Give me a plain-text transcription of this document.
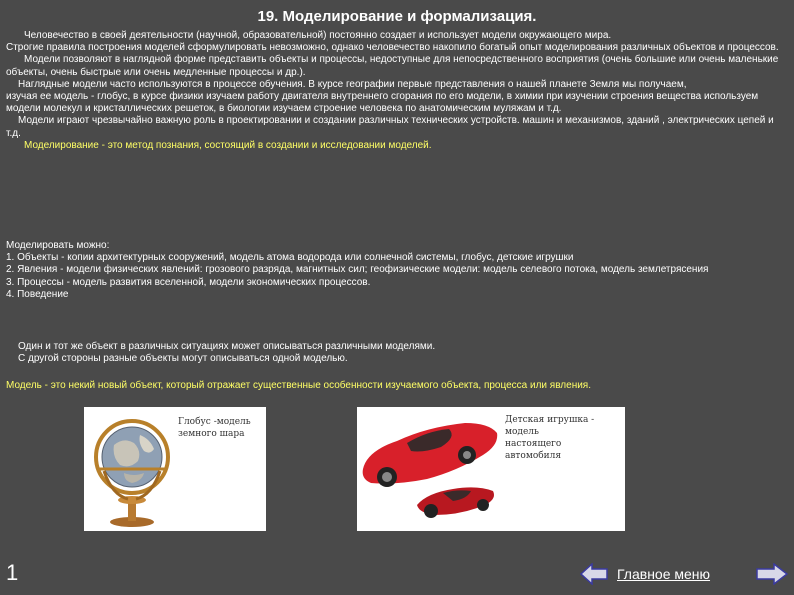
19. Моделирование и формализация.

Человечество в своей деятельности (научной, образовательной) постоянно создает и использует модели окружающего мира.

Строгие правила построения моделей сформулировать невозможно, однако человечество накопило богатый опыт моделирования различных объектов и процессов.

Модели позволяют в наглядной форме представить объекты и процессы, недоступные для непосредственного восприятия (очень большие или очень маленькие объекты, очень быстрые или очень медленные процессы и др.).

Наглядные модели часто используются в процессе обучения. В курсе географии первые представления о нашей планете Земля мы получаем,

изучая ее модель - глобус, в курсе физики изучаем работу двигателя внутреннего сгорания по его модели, в химии при изучении строения вещества используем модели молекул и кристаллических решеток, в биологии изучаем строение человека по анатомическим муляжам и т.д.

Модели играют чрезвычайно важную роль в проектировании и создании различных технических устройств. машин и механизмов, зданий , электрических цепей и т.д.

Моделирование - это метод познания, состоящий в создании и исследовании моделей.

Моделировать можно:

1. Объекты - копии архитектурных сооружений, модель атома водорода или солнечной системы, глобус, детские игрушки

2. Явления - модели физических явлений: грозового разряда, магнитных сил; геофизические модели: модель селевого потока, модель землетрясения

3. Процессы - модель развития вселенной, модели экономических процессов.

4. Поведение

Один и тот же объект в различных ситуациях может описываться различными моделями.

С другой стороны разные объекты могут описываться одной моделью.

Модель - это некий новый объект, который отражает существенные особенности изучаемого объекта, процесса или явления.
Глобус -модель
земного шара
Детская игрушка -
модель
настоящего
автомобиля
1	Главное меню
